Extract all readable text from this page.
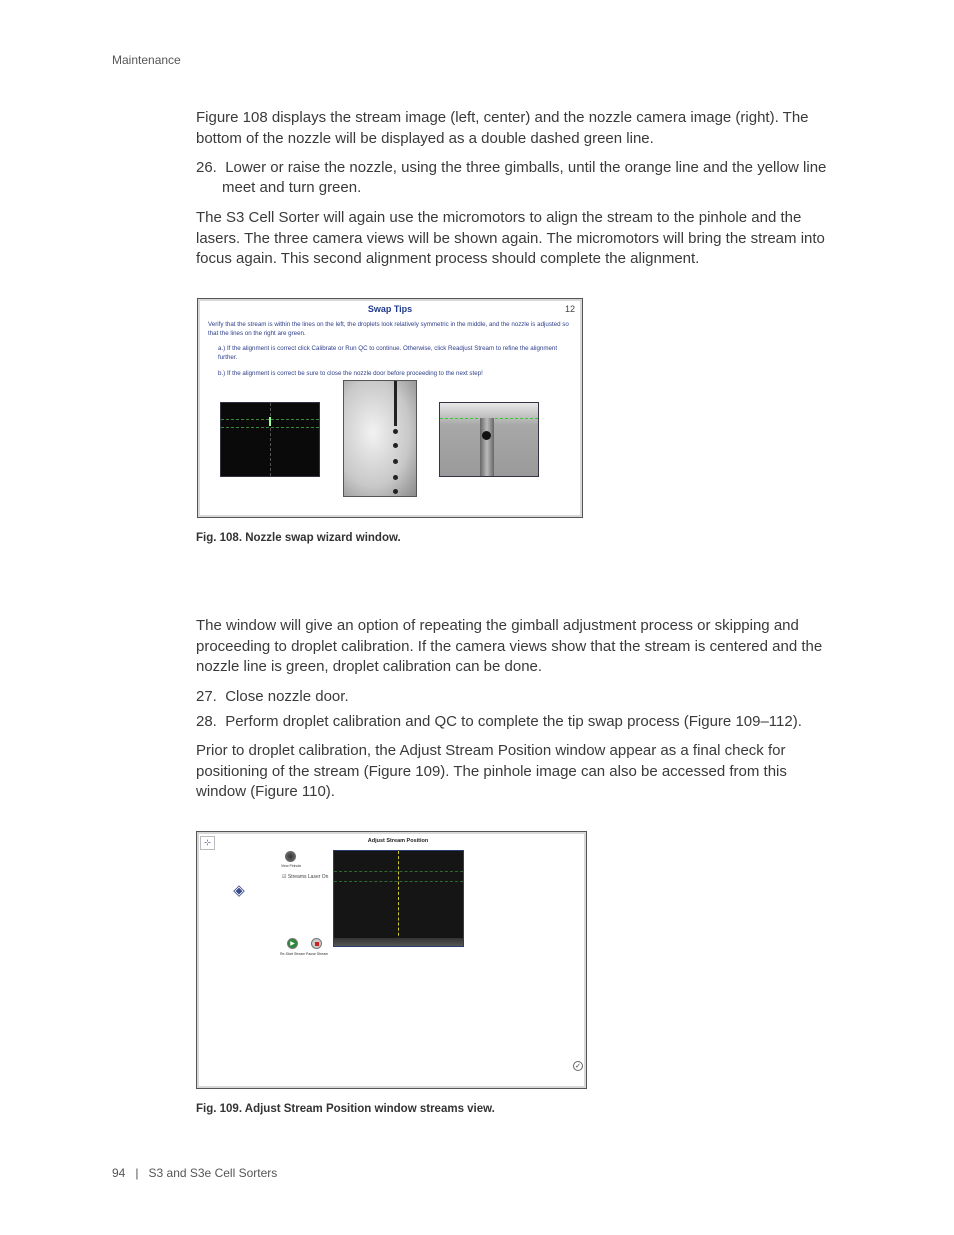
Maintenance
Figure 108 displays the stream image (left, center) and the nozzle camera image (right). The bottom of the nozzle will be displayed as a double dashed green line.
26. Lower or raise the nozzle, using the three gimballs, until the orange line and the yellow line meet and turn green.
The S3 Cell Sorter will again use the micromotors to align the stream to the pinhole and the lasers. The three camera views will be shown again. The micromotors will bring the stream into focus again. This second alignment process should complete the alignment.
Swap Tips	12
Verify that the stream is within the lines on the left, the droplets look relatively symmetric in the middle, and the nozzle is adjusted so that the lines on the right are green.
a.) If the alignment is correct click Calibrate or Run QC to continue. Otherwise, click Readjust Stream to refine the alignment further.
b.) If the alignment is correct be sure to close the nozzle door before proceeding to the next step!
Fig. 108. Nozzle swap wizard window.
The window will give an option of repeating the gimball adjustment process or skipping and proceeding to droplet calibration. If the camera views show that the stream is centered and the nozzle line is green, droplet calibration can be done.
27. Close nozzle door.
28. Perform droplet calibration and QC to complete the tip swap process (Figure 109–112).
Prior to droplet calibration, the Adjust Stream Position window appear as a final check for positioning of the stream (Figure 109). The pinhole image can also be accessed from this window (Figure 110).
⊹	Adjust Stream Position
◈
View Pinhole
☑ Streams Laser On
▶
Re-Start Stream Pause Stream
✓
Fig. 109. Adjust Stream Position window streams view.
94 | S3 and S3e Cell Sorters
